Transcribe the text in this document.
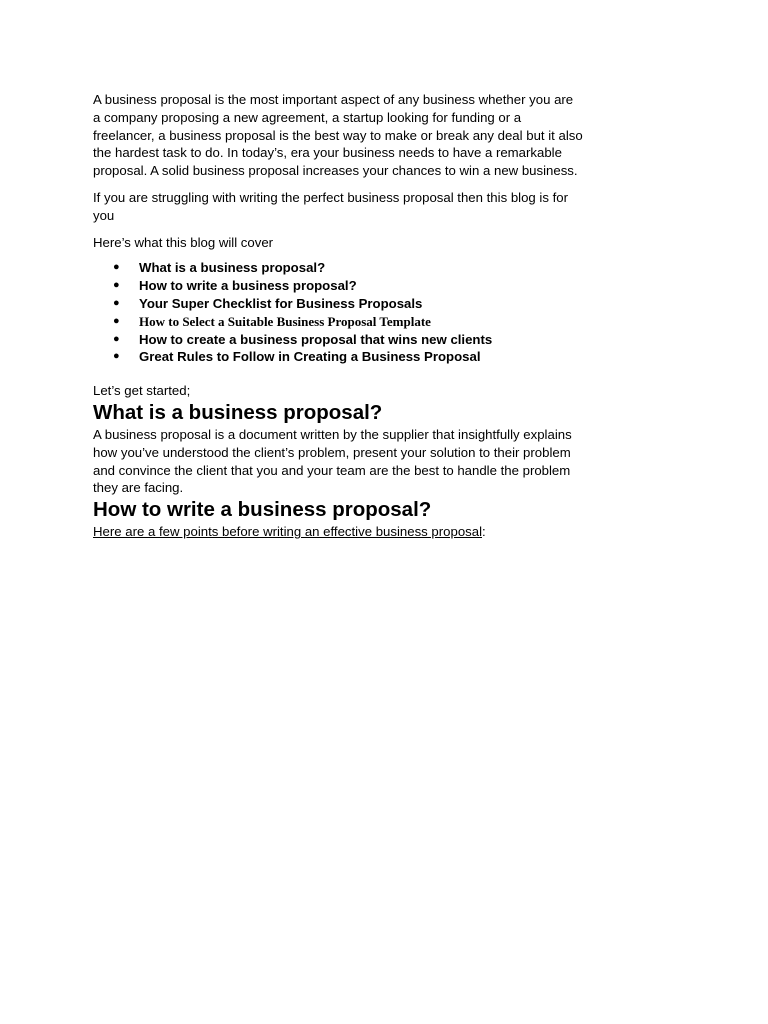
A business proposal is the most important aspect of any business whether you are a company proposing a new agreement, a startup looking for funding or a freelancer, a business proposal is the best way to make or break any deal but it also the hardest task to do. In today’s, era your business needs to have a remarkable proposal. A solid business proposal increases your chances to win a new business.

If you are struggling with writing the perfect business proposal then this blog is for you

Here’s what this blog will cover

● What is a business proposal?
● How to write a business proposal?
● Your Super Checklist for Business Proposals
● How to Select a Suitable Business Proposal Template
● How to create a business proposal that wins new clients
● Great Rules to Follow in Creating a Business Proposal

Let’s get started;

What is a business proposal?

A business proposal is a document written by the supplier that insightfully explains how you’ve understood the client’s problem, present your solution to their problem and convince the client that you and your team are the best to handle the problem they are facing.

How to write a business proposal?

Here are a few points before writing an effective business proposal:
